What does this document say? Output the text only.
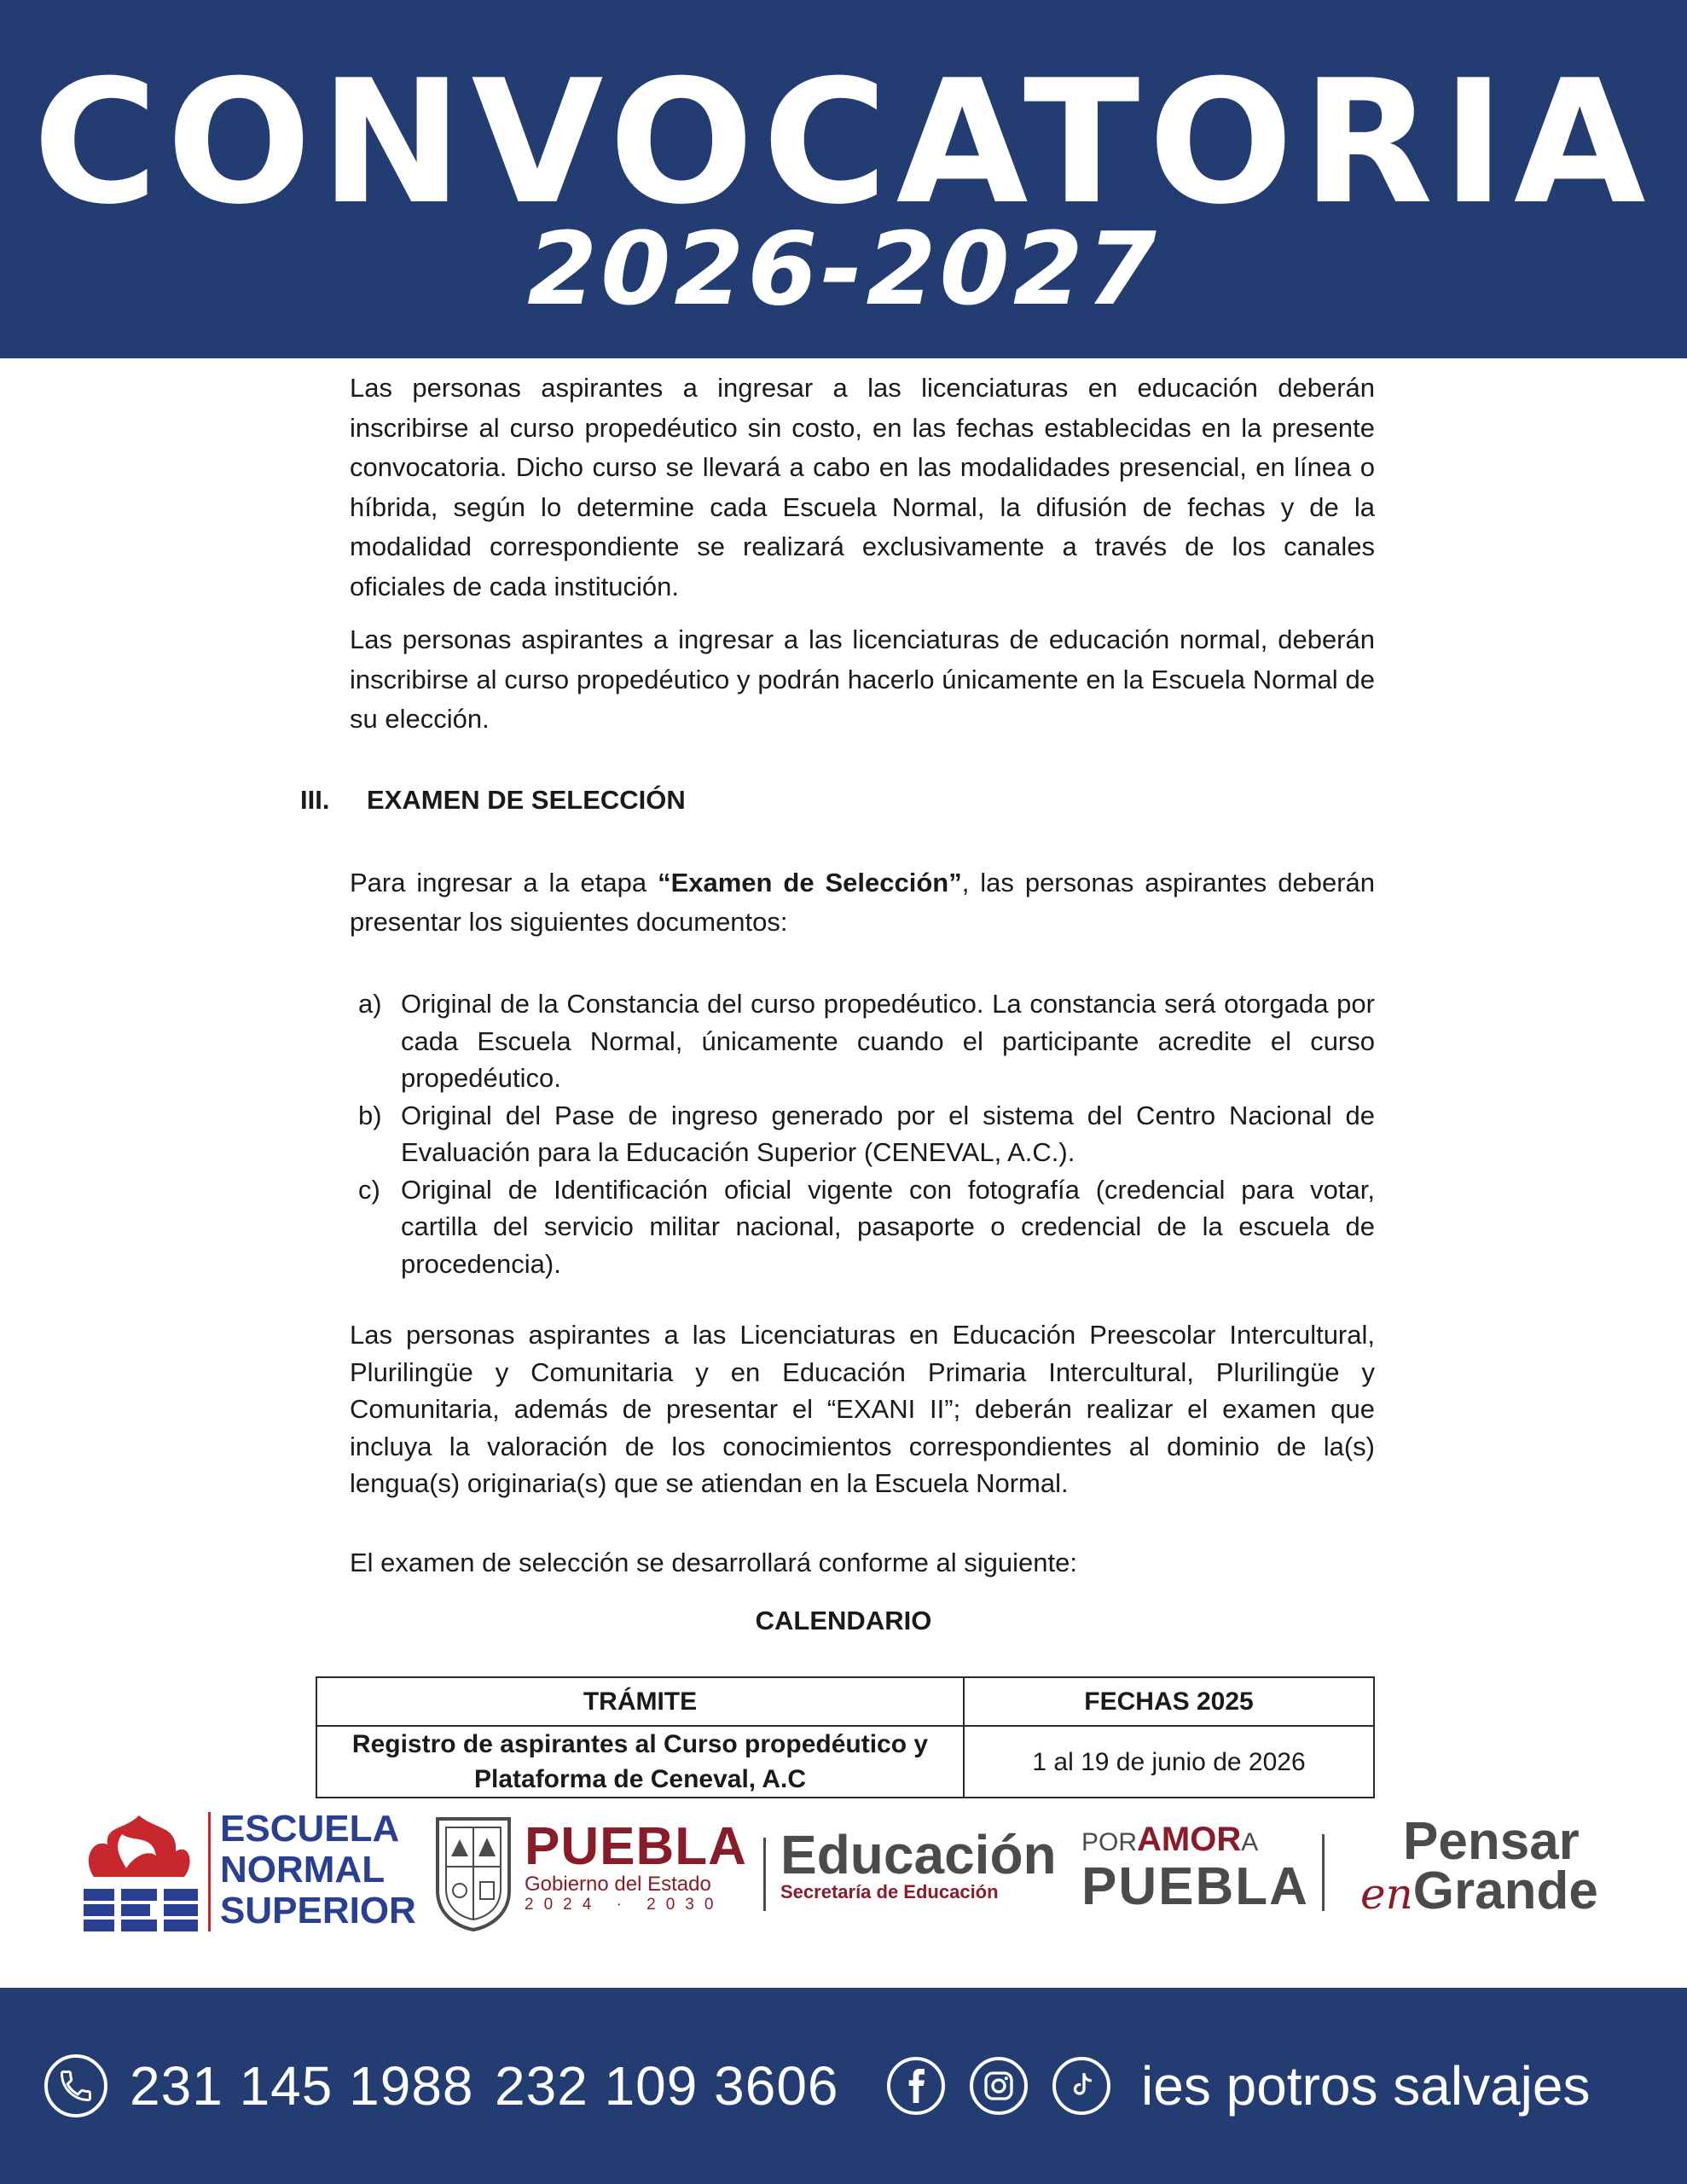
CONVOCATORIA
2026-2027

Las personas aspirantes a ingresar a las licenciaturas en educación deberán inscribirse al curso propedéutico sin costo, en las fechas establecidas en la presente convocatoria. Dicho curso se llevará a cabo en las modalidades presencial, en línea o híbrida, según lo determine cada Escuela Normal, la difusión de fechas y de la modalidad correspondiente se realizará exclusivamente a través de los canales oficiales de cada institución.

Las personas aspirantes a ingresar a las licenciaturas de educación normal, deberán inscribirse al curso propedéutico y podrán hacerlo únicamente en la Escuela Normal de su elección.

III. EXAMEN DE SELECCIÓN

Para ingresar a la etapa “Examen de Selección”, las personas aspirantes deberán presentar los siguientes documentos:

a) Original de la Constancia del curso propedéutico. La constancia será otorgada por cada Escuela Normal, únicamente cuando el participante acredite el curso propedéutico.
b) Original del Pase de ingreso generado por el sistema del Centro Nacional de Evaluación para la Educación Superior (CENEVAL, A.C.).
c) Original de Identificación oficial vigente con fotografía (credencial para votar, cartilla del servicio militar nacional, pasaporte o credencial de la escuela de procedencia).

Las personas aspirantes a las Licenciaturas en Educación Preescolar Intercultural, Plurilingüe y Comunitaria y en Educación Primaria Intercultural, Plurilingüe y Comunitaria, además de presentar el “EXANI II”; deberán realizar el examen que incluya la valoración de los conocimientos correspondientes al dominio de la(s) lengua(s) originaria(s) que se atiendan en la Escuela Normal.

El examen de selección se desarrollará conforme al siguiente:

CALENDARIO
TRÁMITE	FECHAS 2025
Registro de aspirantes al Curso propedéutico y Plataforma de Ceneval, A.C	1 al 19 de junio de 2026
IES
ESCUELA
NORMAL
SUPERIOR
PUEBLA
Gobierno del Estado
2024 · 2030
Educación
Secretaría de Educación
PORAMORA
PUEBLA
Pensar
enGrande
231 145 1988 232 109 3606	ies potros salvajes
